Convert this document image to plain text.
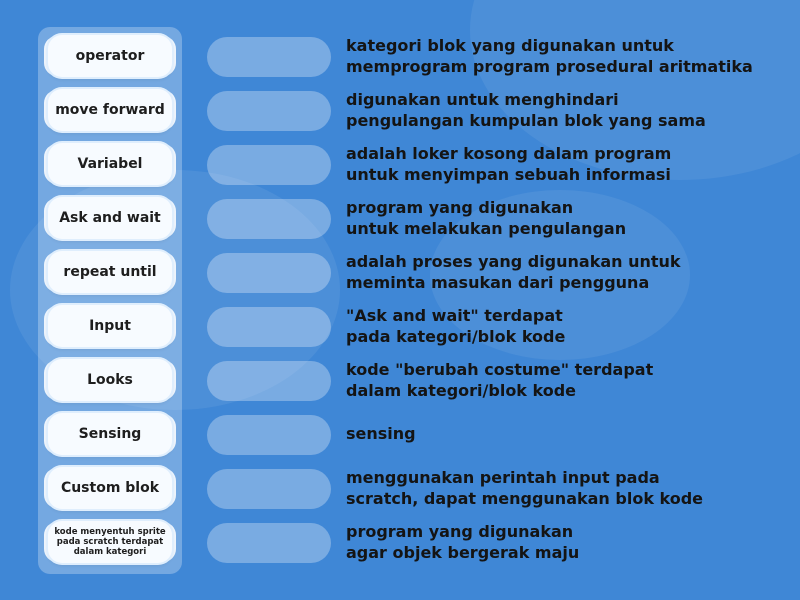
operator
move forward
Variabel
Ask and wait
repeat until
Input
Looks
Sensing
Custom blok
kode menyentuh sprite pada scratch terdapat dalam kategori
kategori blok yang digunakan untuk
memprogram program prosedural aritmatika
digunakan untuk menghindari
pengulangan kumpulan blok yang sama
adalah loker kosong dalam program
untuk menyimpan sebuah informasi
program yang digunakan
untuk melakukan pengulangan
adalah proses yang digunakan untuk
meminta masukan dari pengguna
"Ask and wait" terdapat
pada kategori/blok kode
kode "berubah costume" terdapat
dalam kategori/blok kode
sensing
menggunakan perintah input pada
scratch, dapat menggunakan blok kode
program yang digunakan
agar objek bergerak maju
